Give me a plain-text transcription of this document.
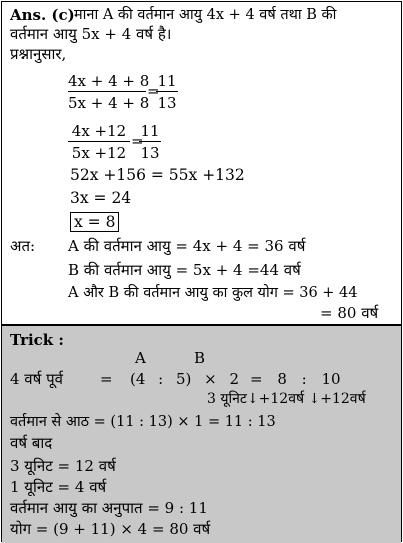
Ans. (c) माना A की वर्तमान आयु 4x + 4 वर्ष तथा B की
वर्तमान आयु 5x + 4 वर्ष है।
प्रश्नानुसार,
$\frac{4x + 4 + 8}{5x + 4 + 8}$ =
$\frac{11}{13}$
$\frac{4x +12}{5x +12}$ =
$\frac{11}{13}$
52x +156 = 55x +132
3x = 24
x = 8
अत: A की वर्तमान आयु = 4x + 4 = 36 वर्ष
B की वर्तमान आयु = 5x + 4 =44 वर्ष
A और B की वर्तमान आयु का कुल योग = 36 + 44
= 80 वर्ष
Trick :
A	B
4 वर्ष पूर्व = (4 : 5) × 2 = 8 : 10
3 यूनिट↓+12वर्ष ↓+12वर्ष
वर्तमान से आठ = (11 : 13) × 1 = 11 : 13
वर्ष बाद
3 यूनिट = 12 वर्ष
1 यूनिट = 4 वर्ष
वर्तमान आयु का अनुपात = 9 : 11
योग = (9 + 11) × 4 = 80 वर्ष
